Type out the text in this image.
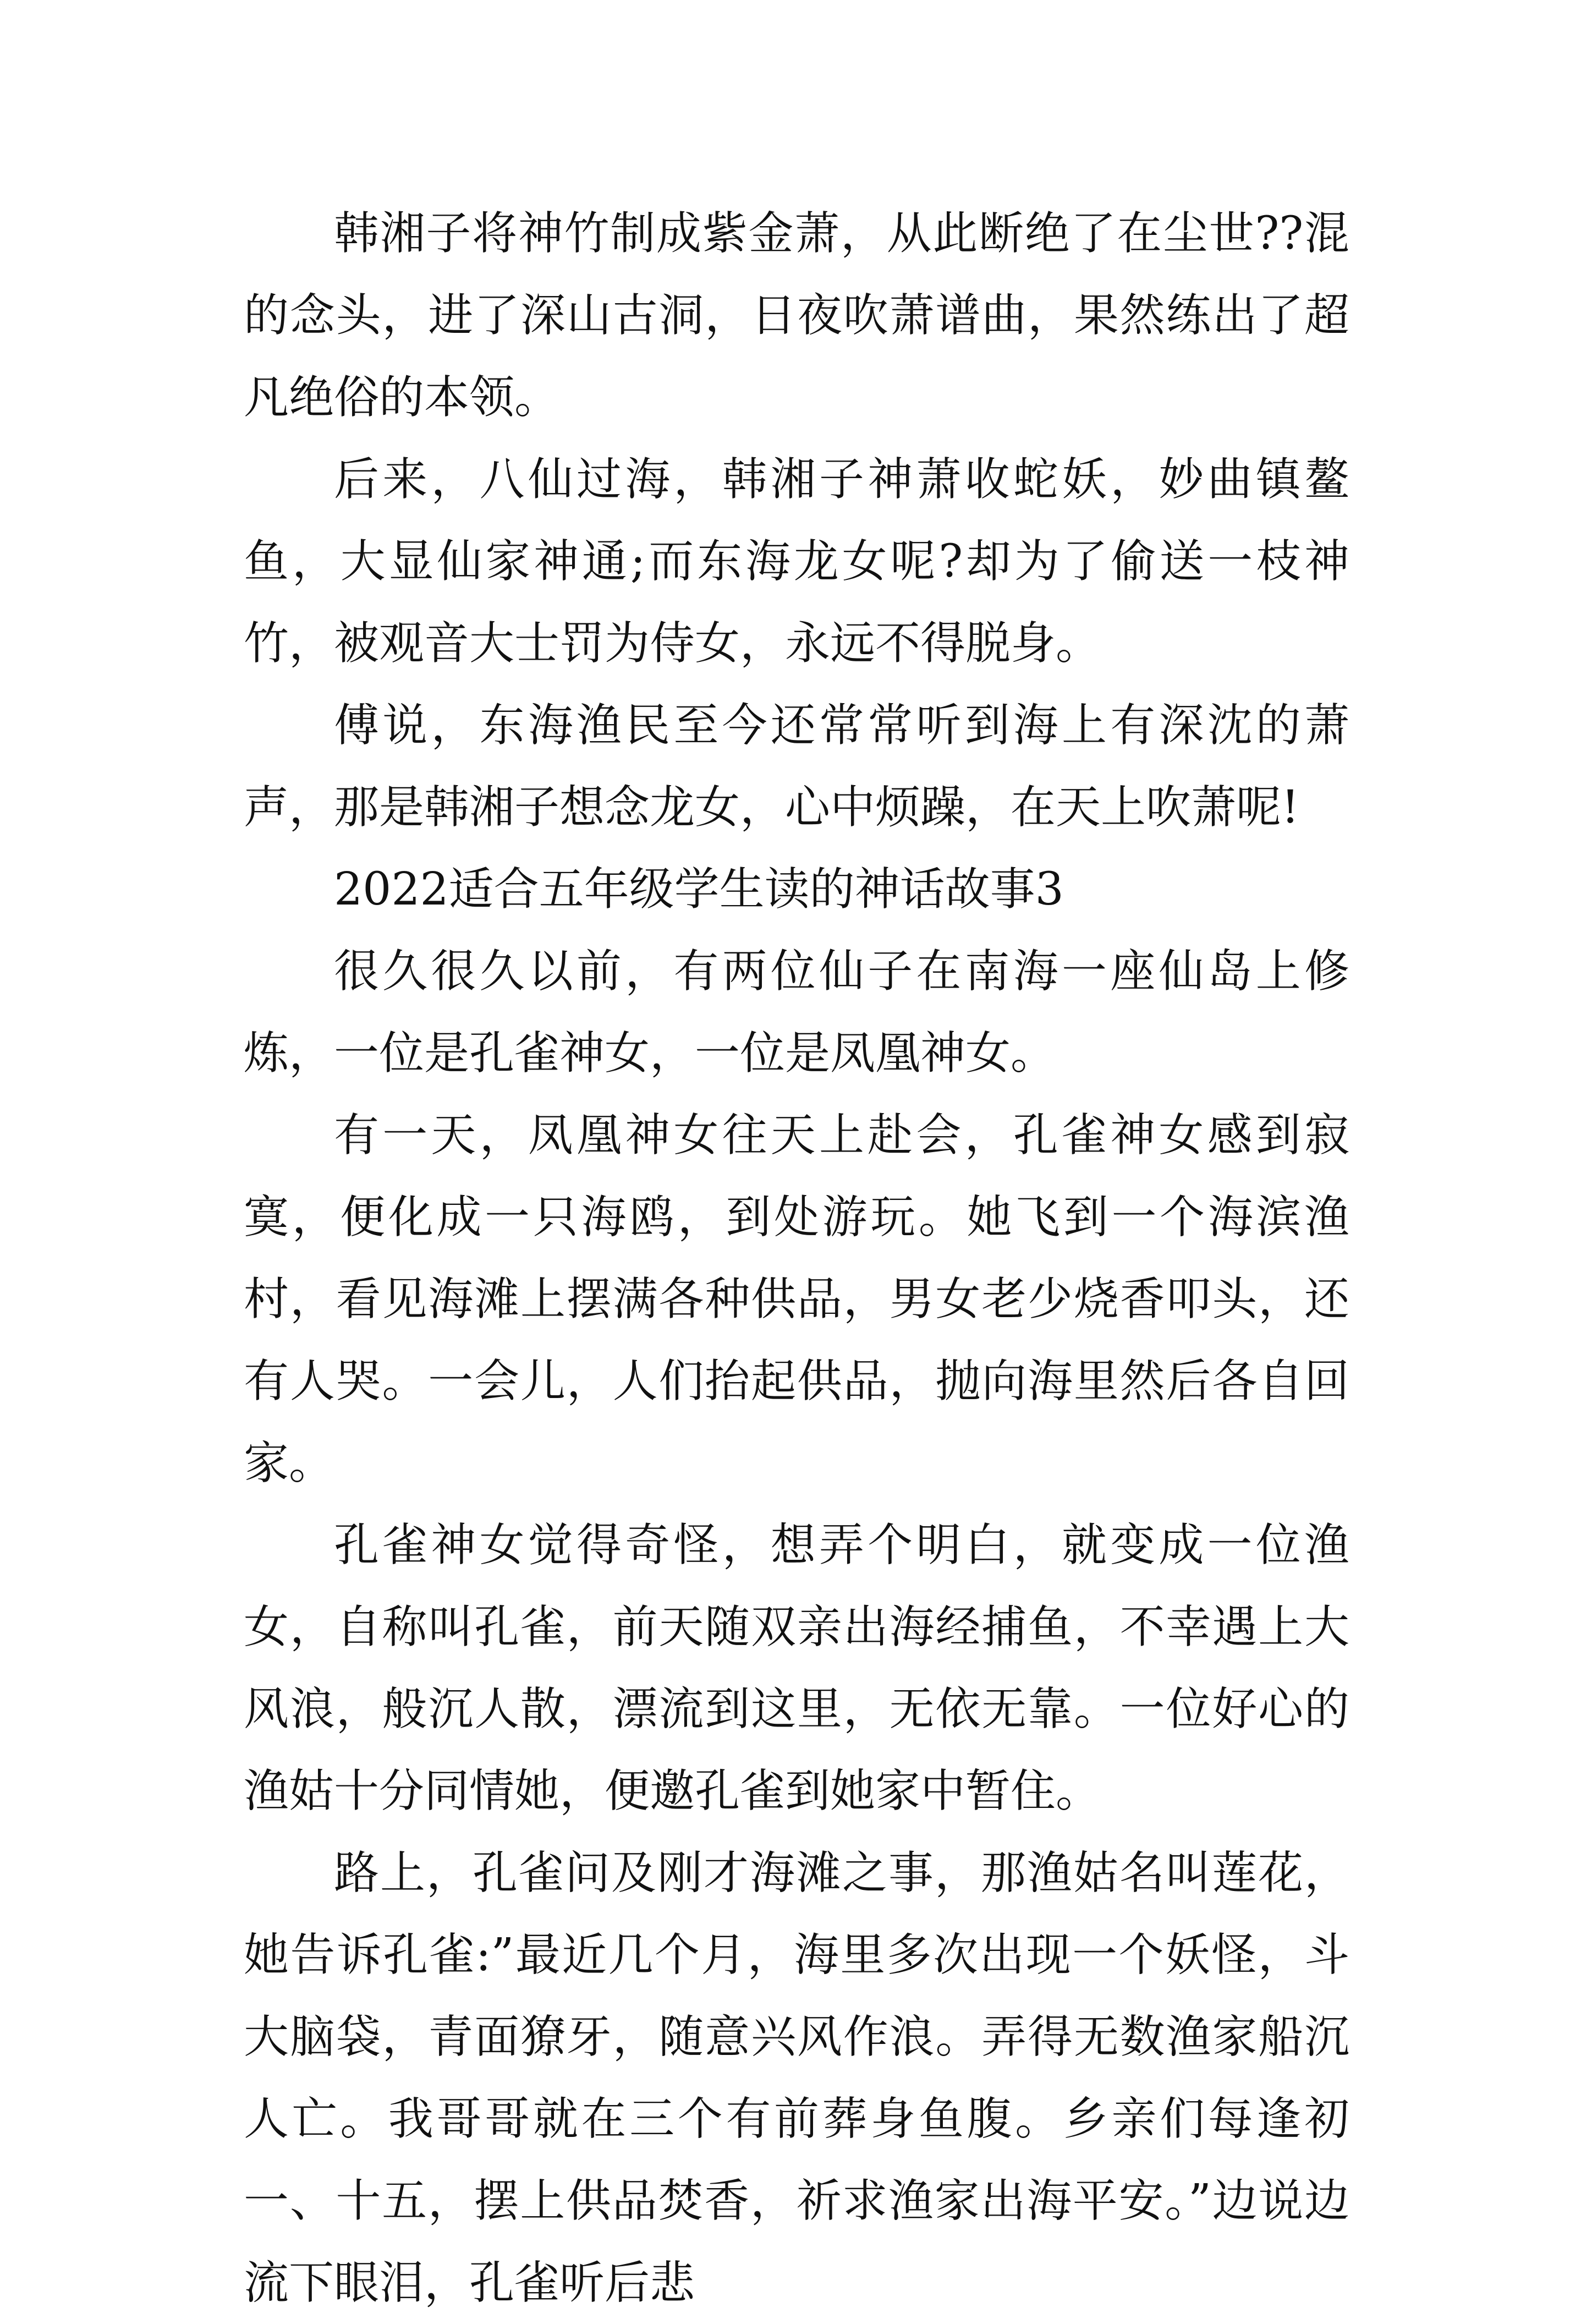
韩湘子将神竹制成紫金萧，从此断绝了在尘世??混的念头，进了深山古洞，日夜吹萧谱曲，果然练出了超凡绝俗的本领。

后来，八仙过海，韩湘子神萧收蛇妖，妙曲镇鳌鱼，大显仙家神通;而东海龙女呢?却为了偷送一枝神竹，被观音大士罚为侍女，永远不得脱身。

傅说，东海渔民至今还常常听到海上有深沈的萧声，那是韩湘子想念龙女，心中烦躁，在天上吹萧呢!

2022适合五年级学生读的神话故事3

很久很久以前，有两位仙子在南海一座仙岛上修炼，一位是孔雀神女，一位是凤凰神女。

有一天，凤凰神女往天上赴会，孔雀神女感到寂寞，便化成一只海鸥，到处游玩。她飞到一个海滨渔村，看见海滩上摆满各种供品，男女老少烧香叩头，还有人哭。一会儿，人们抬起供品，抛向海里然后各自回家。

孔雀神女觉得奇怪，想弄个明白，就变成一位渔女，自称叫孔雀，前天随双亲出海经捕鱼，不幸遇上大风浪，般沉人散，漂流到这里，无依无靠。一位好心的渔姑十分同情她，便邀孔雀到她家中暂住。

路上，孔雀问及刚才海滩之事，那渔姑名叫莲花，她告诉孔雀:”最近几个月，海里多次出现一个妖怪，斗大脑袋，青面獠牙，随意兴风作浪。弄得无数渔家船沉人亡。我哥哥就在三个有前葬身鱼腹。乡亲们每逢初一、十五，摆上供品焚香，祈求渔家出海平安。”边说边流下眼泪，孔雀听后悲
